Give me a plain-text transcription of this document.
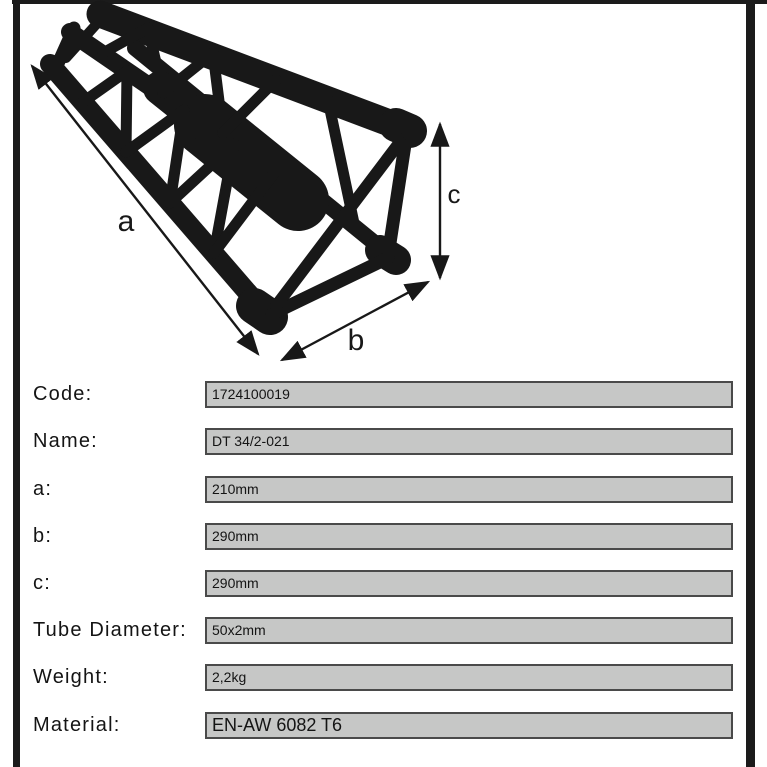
a
b
c
Code:	1724100019
Name:	DT 34/2-021
a:	210mm
b:	290mm
c:	290mm
Tube Diameter:	50x2mm
Weight:	2,2kg
Material:	EN-AW 6082 T6
